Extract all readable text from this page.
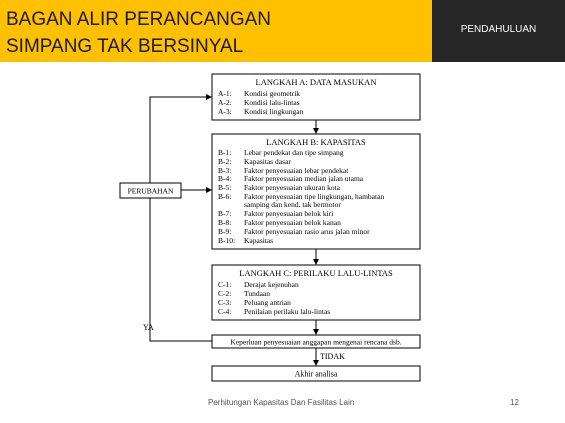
BAGAN ALIR PERANCANGAN
SIMPANG TAK BERSINYAL
PENDAHULUAN
LANGKAH A: DATA MASUKAN
A-1: Kondisi geometrik
A-2: Kondisi lalu-lintas
A-3: Kondisi lingkungan
LANGKAH B: KAPASITAS
B-1: Lebar pendekat dan tipe simpang
B-2: Kapasitas dasar
B-3: Faktor penyesuaian lebar pendekat
B-4: Faktor penyesuaian median jalan utama
B-5: Faktor penyesuaian ukuran kota
B-6: Faktor penyesuaian tipe lingkungan, hambatan
samping dan kend. tak bermotor
B-7: Faktor penyesuaian belok kiri
B-8: Faktor penyesuaian belok kanan
B-9: Faktor penyesuaian rasio arus jalan minor
B-10: Kapasitas
LANGKAH C: PERILAKU LALU-LINTAS
C-1: Derajat kejenuhan
C-2: Tundaan
C-3: Peluang antrian
C-4: Penilaian perilaku lalu-lintas
Keperluan penyesuaian anggapan mengenai rencana dsb.
TIDAK
Akhir analisa
YA
PERUBAHAN
Perhitungan Kapasitas Dan Fasilitas Lain	12
